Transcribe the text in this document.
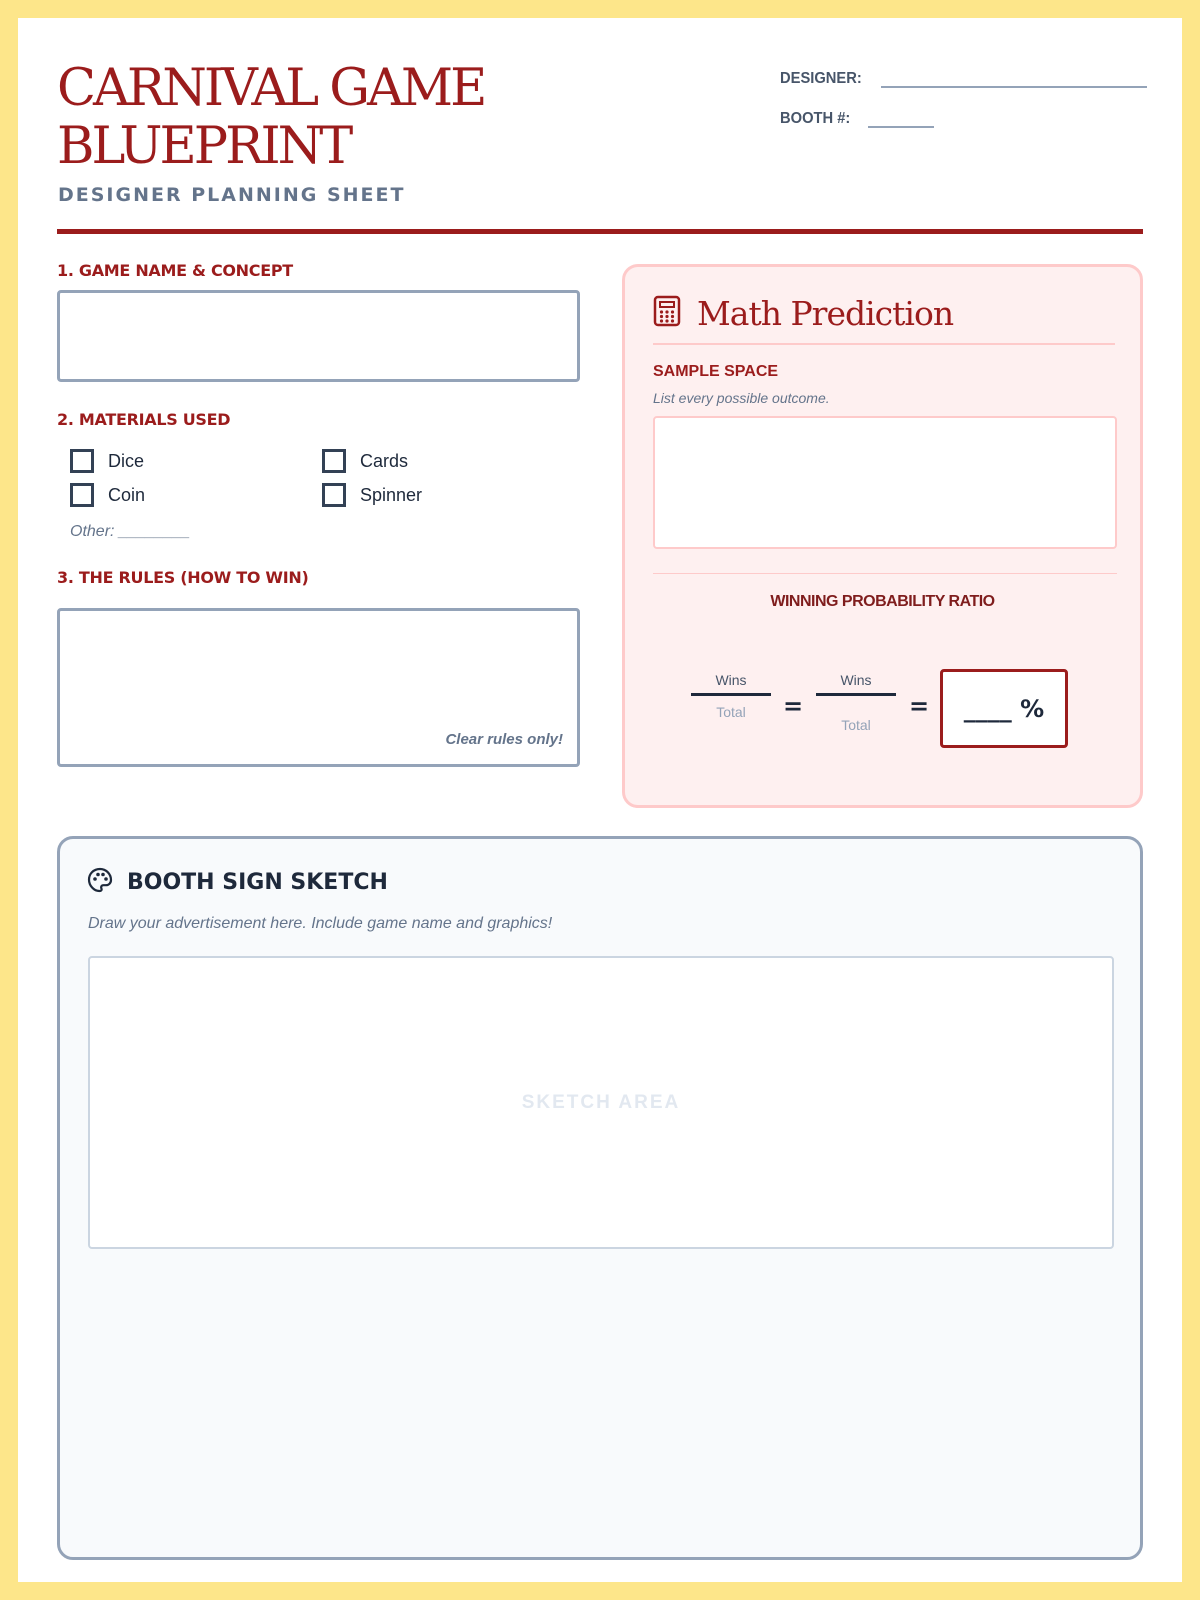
CARNIVAL GAME
BLUEPRINT
DESIGNER PLANNING SHEET
DESIGNER:
BOOTH #:
1. GAME NAME & CONCEPT
2. MATERIALS USED
Dice	Cards
Coin	Spinner
Other: ________
3. THE RULES (HOW TO WIN)
Clear rules only!
Math Prediction
SAMPLE SPACE
List every possible outcome.
WINNING PROBABILITY RATIO
Wins
Total	=
Wins
Total
=	____ %
BOOTH SIGN SKETCH
Draw your advertisement here. Include game name and graphics!
SKETCH AREA
